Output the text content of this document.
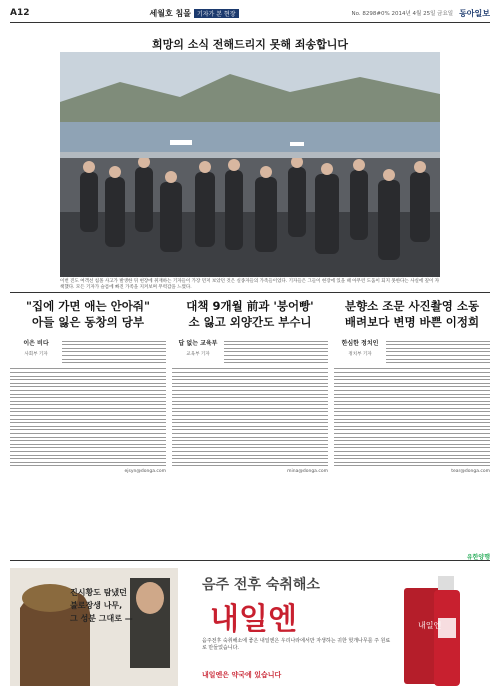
A12	세월호 침몰	기자가 본 현장	No. 8298#0% 2014년 4월 25일 금요일 동아일보
희망의 소식 전해드리지 못해 죄송합니다
이번 진도 여객선 침몰 사고가 발생한 뒤 현장에 취재하는 기자들이 가장 먼저 보았던 것은 실종자들의 가족들이었다. 기자들은 그들이 현장에 있을 때 아무런 도움이 되지 못한다는 사실에 깊이 자책했다. 모든 기자가 슬픔에 빠진 가족을 지켜보며 무력감을 느꼈다.
"집에 가면 애는 안아줘"
아들 잃은 동창의 당부
이은 비다
사회부 기자
ejsyn@donga.com
대책 9개월 前과 '붕어빵'
소 잃고 외양간도 부수니
답 없는 교육부
교육부 기자
mina@donga.com
분향소 조문 사진촬영 소동
배려보다 변명 바쁜 이정희
한심한 정치인
정치부 기자
tear@donga.com
진시황도 탐냈던
불로장생 나무,
그 성분 그대로 —
유한양행
음주 전후 숙취해소
내일엔
음주전후 숙취해소에 좋은 내일엔은 우리나라에서만 자생하는 귀한 헛개나무를 주 원료로 만들었습니다.
내일엔은 약국에 있습니다
내일엔
